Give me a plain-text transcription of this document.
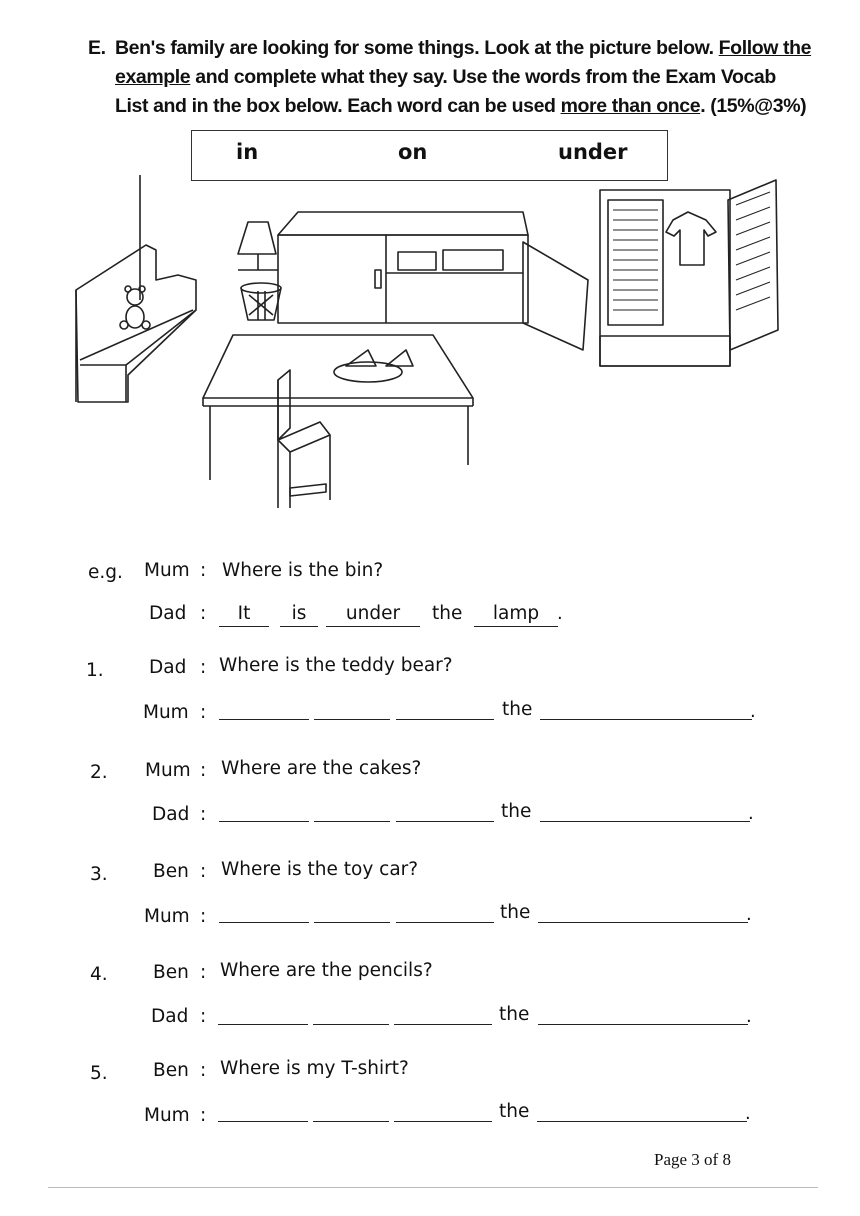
E. Ben's family are looking for some things. Look at the picture below. Follow the
example and complete what they say. Use the words from the Exam Vocab
List and in the box below. Each word can be used more than once. (15%@3%)
in	on	under
e.g. Mum : Where is the bin?
Dad :	It	is	under	the	lamp .
1. Dad : Where is the teddy bear?
Mum :	the	.
2. Mum : Where are the cakes?
Dad :	the	.
3. Ben : Where is the toy car?
Mum :	the	.
4. Ben : Where are the pencils?
Dad :	the	.
5. Ben : Where is my T-shirt?
Mum :	the	.
Page 3 of 8
